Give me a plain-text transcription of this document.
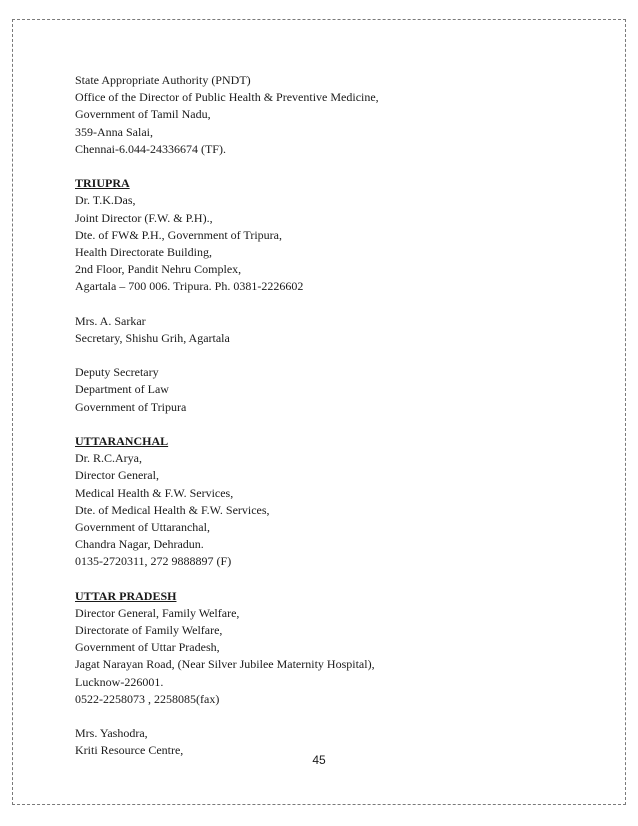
State Appropriate Authority (PNDT)
Office of the Director of Public Health & Preventive Medicine,
Government of Tamil Nadu,
359-Anna Salai,
Chennai-6.044-24336674 (TF).
TRIUPRA
Dr. T.K.Das,
Joint Director (F.W. & P.H).,
Dte. of FW& P.H., Government of Tripura,
Health Directorate Building,
2nd Floor, Pandit Nehru Complex,
Agartala – 700 006. Tripura. Ph. 0381-2226602
Mrs. A. Sarkar
Secretary, Shishu Grih, Agartala
Deputy Secretary
Department of Law
Government of Tripura
UTTARANCHAL
Dr. R.C.Arya,
Director General,
Medical Health & F.W. Services,
Dte. of Medical Health & F.W. Services,
Government of Uttaranchal,
Chandra Nagar, Dehradun.
0135-2720311, 272 9888897 (F)
UTTAR PRADESH
Director General, Family Welfare,
Directorate of Family Welfare,
Government of Uttar Pradesh,
Jagat Narayan Road, (Near Silver Jubilee Maternity Hospital),
Lucknow-226001.
0522-2258073 , 2258085(fax)
Mrs. Yashodra,
Kriti Resource Centre,
45
